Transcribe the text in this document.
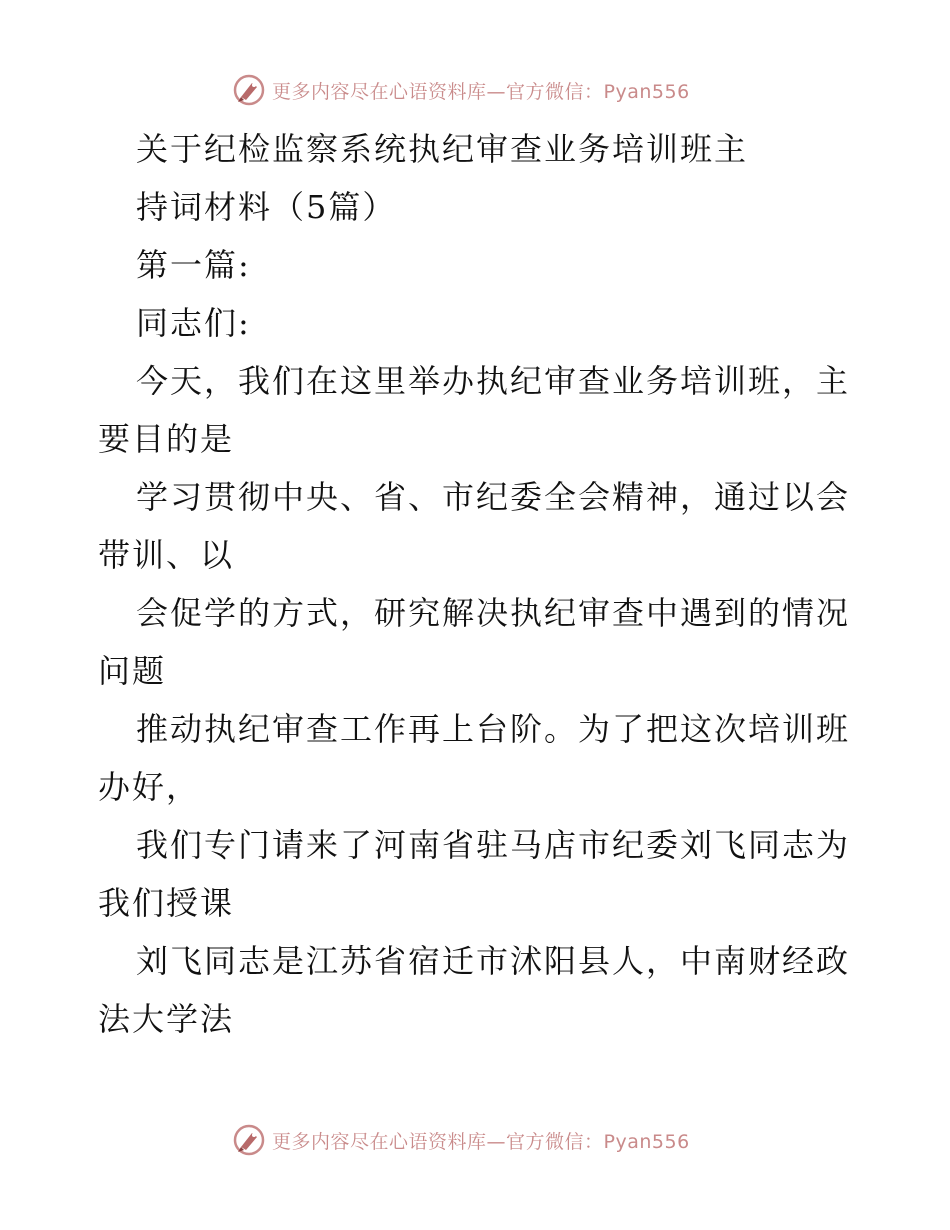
更多内容尽在心语资料库—官方微信：Pyan556
关于纪检监察系统执纪审查业务培训班主
持词材料（5篇）
第一篇:
同志们:
今天，我们在这里举办执纪审查业务培训班，主
要目的是
学习贯彻中央、省、市纪委全会精神，通过以会
带训、以
会促学的方式，研究解决执纪审查中遇到的情况
问题
推动执纪审查工作再上台阶。为了把这次培训班
办好，
我们专门请来了河南省驻马店市纪委刘飞同志为
我们授课
刘飞同志是江苏省宿迁市沭阳县人，中南财经政
法大学法
更多内容尽在心语资料库—官方微信：Pyan556
